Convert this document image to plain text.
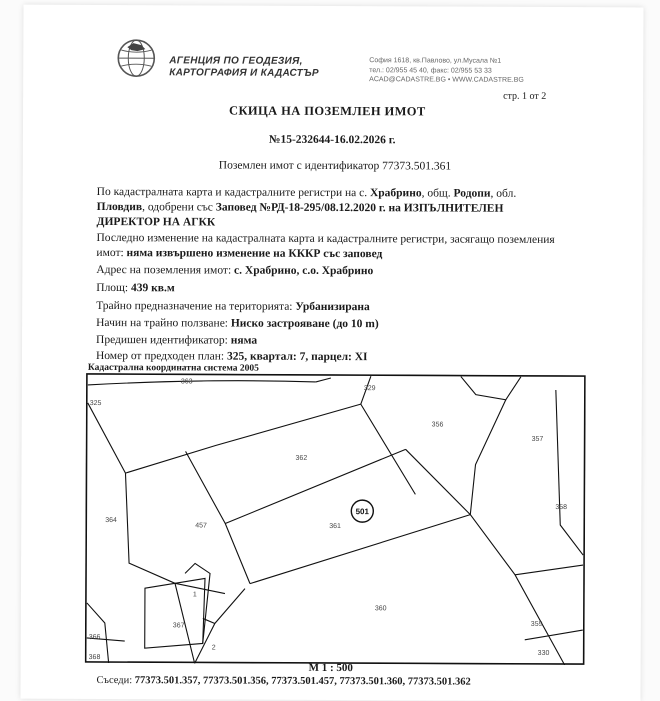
АГЕНЦИЯ ПО ГЕОДЕЗИЯ,
КАРТОГРАФИЯ И КАДАСТЪР
София 1618, кв.Павлово, ул.Мусала №1
тел.: 02/955 45 40, факс: 02/955 53 33
ACAD@CADASTRE.BG • WWW.CADASTRE.BG
стр. 1 от 2
СКИЦА НА ПОЗЕМЛЕН ИМОТ
№15-232644-16.02.2026 г.
Поземлен имот с идентификатор 77373.501.361
По кадастралната карта и кадастралните регистри на с. Храбрино, общ. Родопи, обл.
Пловдив, одобрени със Заповед №РД-18-295/08.12.2020 г. на ИЗПЪЛНИТЕЛЕН
ДИРЕКТОР НА АГКК
Последно изменение на кадастралната карта и кадастралните регистри, засягащо поземления
имот: няма извършено изменение на КККР със заповед
Адрес на поземления имот: с. Храбрино, с.о. Храбрино
Площ: 439 кв.м
Трайно предназначение на територията: Урбанизирана
Начин на трайно ползване: Ниско застрояване (до 10 m)
Предишен идентификатор: няма
Номер от предходен план: 325, квартал: 7, парцел: XI
Кадастрална координатна система 2005
501
363
329
325
356
357
362
358
364
457	361
1
367
360
2
359
366
330
368
М 1 : 500
Съседи: 77373.501.357, 77373.501.356, 77373.501.457, 77373.501.360, 77373.501.362
